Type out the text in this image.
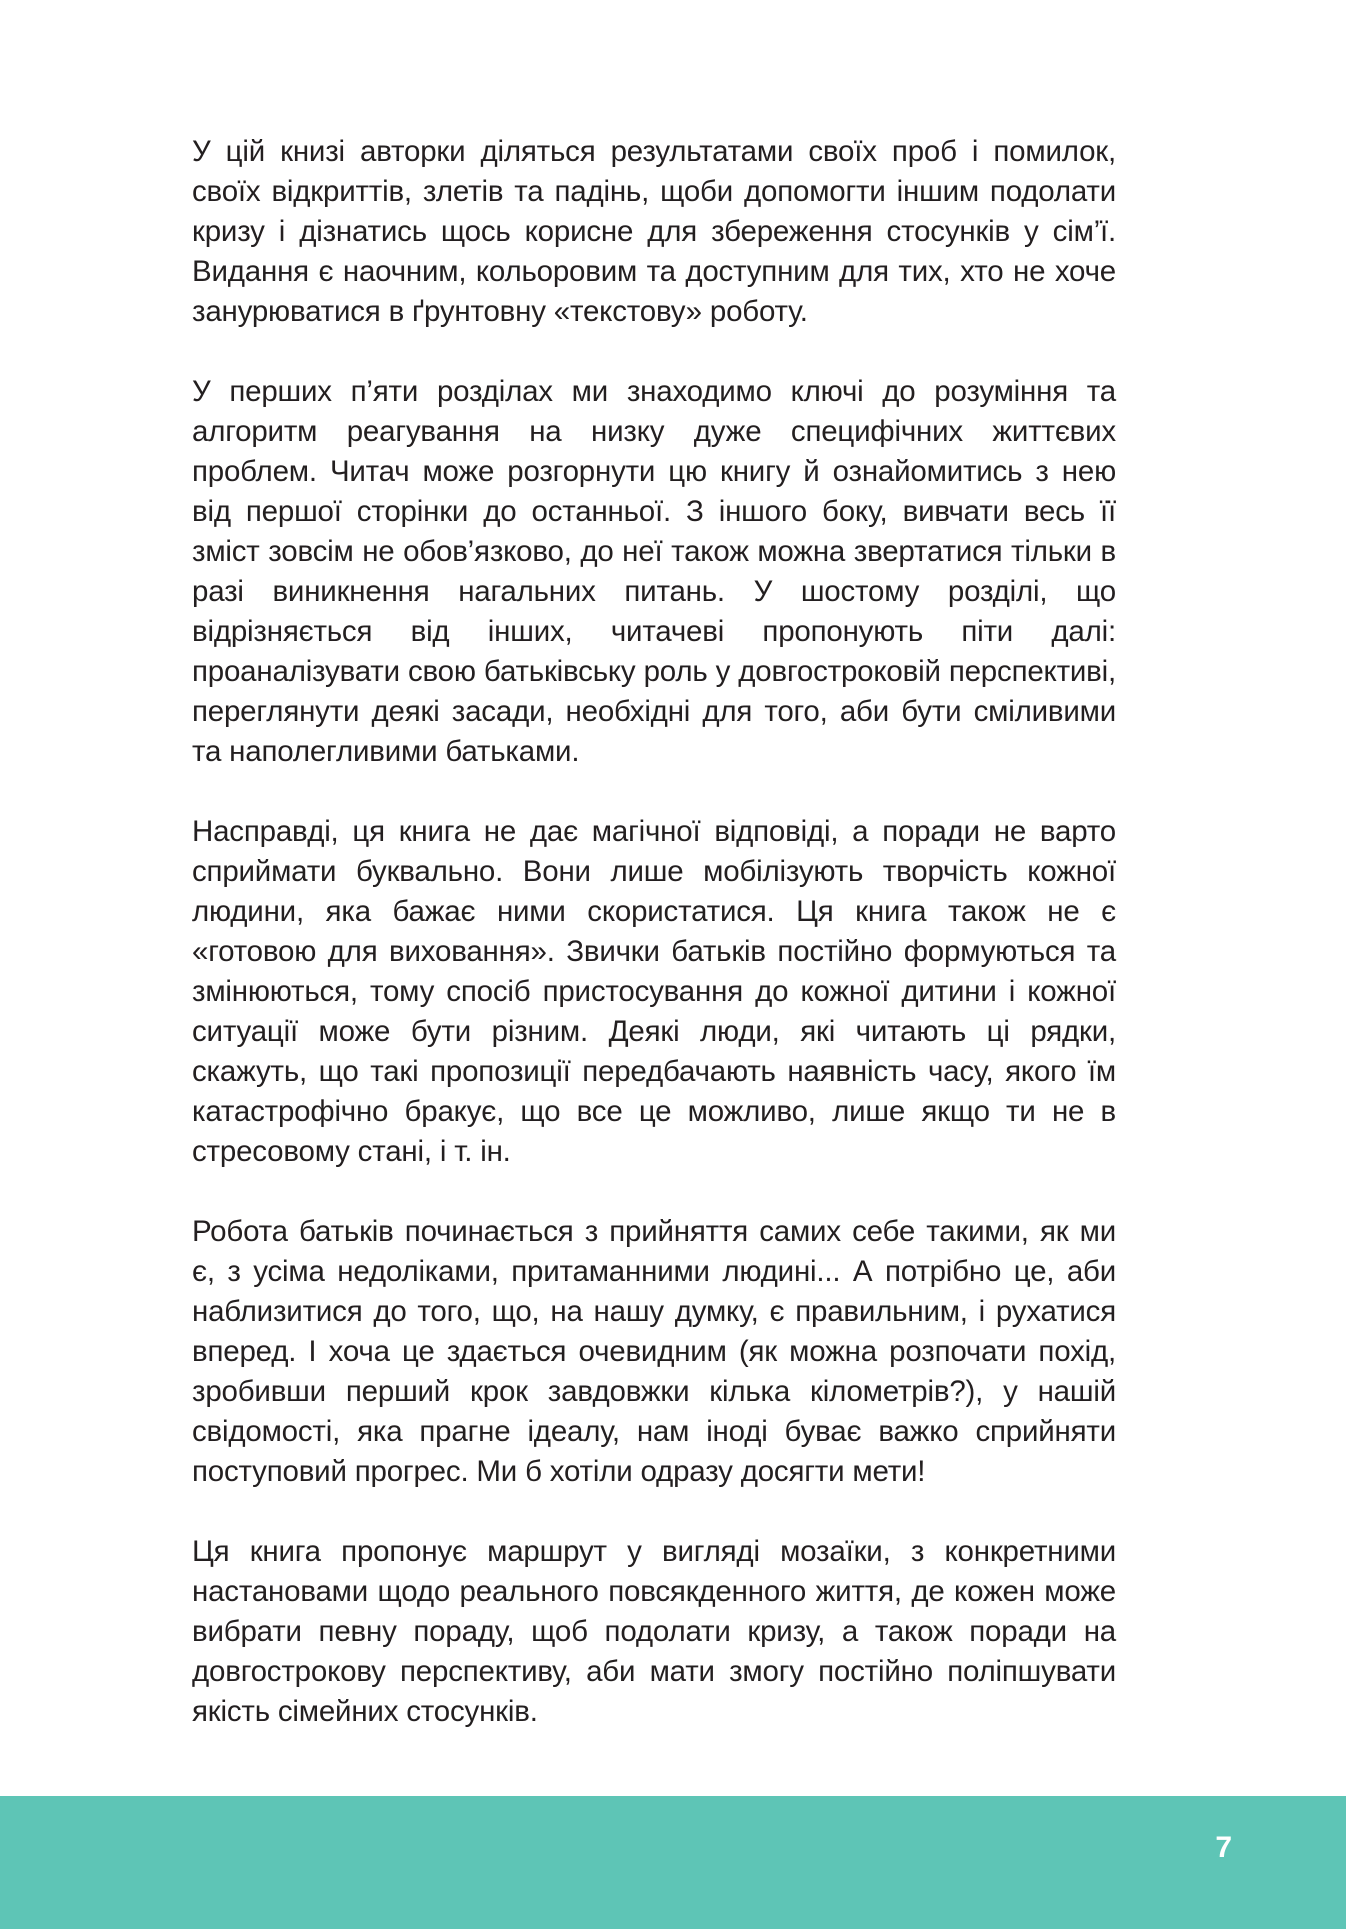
У цій книзі авторки діляться результатами своїх проб і помилок, своїх відкриттів, злетів та падінь, щоби допомогти іншим подолати кризу і дізнатись щось корисне для збереження стосунків у сім’ї. Видання є наочним, кольоровим та доступним для тих, хто не хоче занурюватися в ґрунтовну «текстову» роботу.

У перших п’яти розділах ми знаходимо ключі до розуміння та алгоритм реагування на низку дуже специфічних життєвих проблем. Читач може розгорнути цю книгу й ознайомитись з нею від першої сторінки до останньої. З іншого боку, вивчати весь її зміст зовсім не обов’язково, до неї також можна звертатися тільки в разі виникнення нагальних питань. У шостому розділі, що відрізняється від інших, читачеві пропонують піти далі: проаналізувати свою батьківську роль у довгостроковій перспективі, переглянути деякі засади, необхідні для того, аби бути сміливими та наполегливими батьками.

Насправді, ця книга не дає магічної відповіді, а поради не варто сприймати буквально. Вони лише мобілізують творчість кожної людини, яка бажає ними скористатися. Ця книга також не є «готовою для виховання». Звички батьків постійно формуються та змінюються, тому спосіб пристосування до кожної дитини і кожної ситуації може бути різним. Деякі люди, які читають ці рядки, скажуть, що такі пропозиції передбачають наявність часу, якого їм катастрофічно бракує, що все це можливо, лише якщо ти не в стресовому стані, і т. ін.

Робота батьків починається з прийняття самих себе такими, як ми є, з усіма недоліками, притаманними людині... А потрібно це, аби наблизитися до того, що, на нашу думку, є правильним, і рухатися вперед. І хоча це здається очевидним (як можна розпочати похід, зробивши перший крок завдовжки кілька кілометрів?), у нашій свідомості, яка прагне ідеалу, нам іноді буває важко сприйняти поступовий прогрес. Ми б хотіли одразу досягти мети!

Ця книга пропонує маршрут у вигляді мозаїки, з конкретними настановами щодо реального повсякденного життя, де кожен може вибрати певну пораду, щоб подолати кризу, а також поради на довгострокову перспективу, аби мати змогу постійно поліпшувати якість сімейних стосунків.

7
